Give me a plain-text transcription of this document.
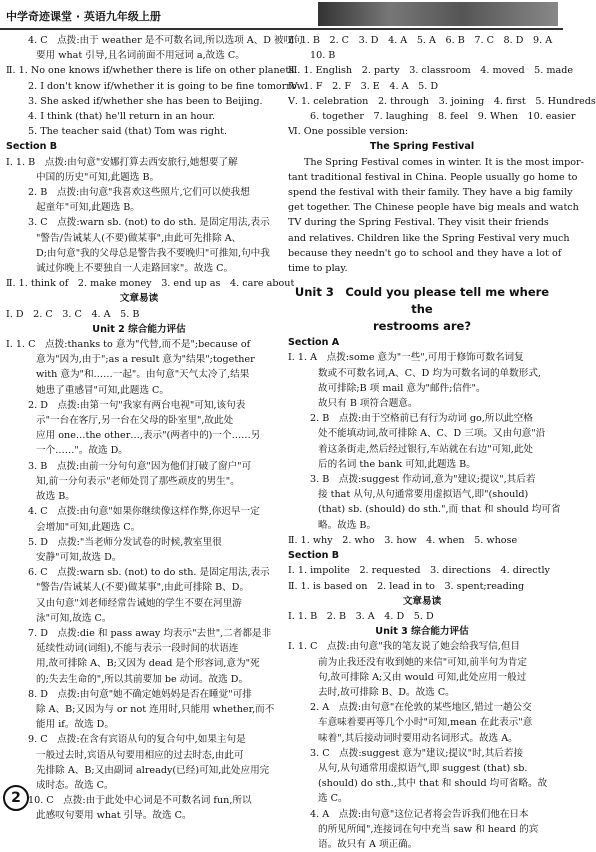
中学奇迹课堂 · 英语九年级上册
4. C　点拨:由于 weather 是不可数名词,所以选项 A、D 被叹句
要用 what 引导,且名词前面不用冠词 a,故选 C。
Ⅱ. 1. No one knows if/whether there is life on other planets.
2. I don't know if/whether it is going to be fine tomorrow.
3. She asked if/whether she has been to Beijing.
4. I think (that) he'll return in an hour.
5. The teacher said (that) Tom was right.
Section B
Ⅰ. 1. B　点拨:由句意"安娜打算去西安旅行,她想要了解
中国的历史"可知,此题选 B。
2. B　点拨:由句意"我喜欢这些照片,它们可以使我想
起童年"可知,此题选 B。
3. C　点拨:warn sb. (not) to do sth. 是固定用法,表示
"警告/告诫某人(不要)做某事",由此可先排除 A、
D;由句意"我的父母总是警告我不要晚归"可推知,句中我
诚过你晚上不要独自一人走路回家"。故选 C。
Ⅱ. 1. think of　2. make money　3. end up as　4. care about
文章易读
Ⅰ. D　2. C　3. C　4. A　5. B
Unit 2 综合能力评估
Ⅰ. 1. C　点拨:thanks to 意为"代替,而不是";because of
意为"因为,由于";as a result 意为"结果";together
with 意为"和……一起"。由句意"天气太冷了,结果
她患了重感冒"可知,此题选 C。
2. D　点拨:由第一句"我家有两台电视"可知,该句表
示"一台在客厅,另一台在父母的卧室里",故此处
应用 one…the other…,表示"(两者中的)一个……另
一个……"。故选 D。
3. B　点拨:由前一分句句意"因为他们打破了窗户"可
知,前一分句表示"老师处罚了那些顽皮的男生"。
故选 B。
4. C　点拨:由句意"如果你继续像这样作弊,你迟早一定
会增加"可知,此题选 C。
5. D　点拨:"当老师分发试卷的时候,教室里很
安静"可知,故选 D。
6. C　点拨:warn sb. (not) to do sth. 是固定用法,表示
"警告/告诫某人(不要)做某事",由此可排除 B、D。
又由句意"刘老师经常告诫她的学生不要在河里游
泳"可知,故选 C。
7. D　点拨:die 和 pass away 均表示"去世",二者都是非
延续性动词(词组),不能与表示一段时间的状语连
用,故可排除 A、B;又因为 dead 是个形容词,意为"死
的;失去生命的",所以其前要加 be 动词。故选 D。
8. D　点拨:由句意"她不确定她妈妈是否在睡觉"可排
除 A、B;又因为与 or not 连用时,只能用 whether,而不
能用 if。故选 D。
9. C　点拨:在含有宾语从句的复合句中,如果主句是
一般过去时,宾语从句要用相应的过去时态,由此可
先排除 A、B;又由副词 already(已经)可知,此处应用完
成时态。故选 C。
10. C　点拨:由于此处中心词是不可数名词 fun,所以
此感叹句要用 what 引导。故选 C。
Ⅱ. 1. B　2. C　3. D　4. A　5. A　6. B　7. C　8. D　9. A
10. B
Ⅲ. 1. English　2. party　3. classroom　4. moved　5. made
Ⅳ. 1. F　2. F　3. E　4. A　5. D
Ⅴ. 1. celebration　2. through　3. joining　4. first　5. Hundreds
6. together　7. laughing　8. feel　9. When　10. easier
Ⅵ. One possible version:
The Spring Festival
The Spring Festival comes in winter. It is the most impor-
tant traditional festival in China. People usually go home to
spend the festival with their family. They have a big family
get together. The Chinese people have big meals and watch
TV during the Spring Festival. They visit their friends
and relatives. Children like the Spring Festival very much
because they needn't go to school and they have a lot of
time to play.
Unit 3　Could you please tell me where the
restrooms are?
Section A
Ⅰ. 1. A　点拨:some 意为"一些",可用于修饰可数名词复
数或不可数名词,A、C、D 均为可数名词的单数形式,
故可排除;B 项 mail 意为"邮件;信件"。
故只有 B 项符合题意。
2. B　点拨:由于空格前已有行为动词 go,所以此空格
处不能填动词,故可排除 A、C、D 三项。又由句意"沿
着这条街走,然后经过银行,车站就在右边"可知,此处
后的名词 the bank 可知,此题选 B。
3. B　点拨:suggest 作动词,意为"建议;提议",其后若
接 that 从句,从句通常要用虚拟语气,即"(should)
(that) sb. (should) do sth.",而 that 和 should 均可省
略。故选 B。
Ⅱ. 1. why　2. who　3. how　4. when　5. whose
Section B
Ⅰ. 1. impolite　2. requested　3. directions　4. directly
Ⅱ. 1. is based on　2. lead in to　3. spent;reading
文章易读
Ⅰ. 1. B　2. B　3. A　4. D　5. D
Unit 3 综合能力评估
Ⅰ. 1. C　点拨:由句意"我的笔友说了她会给我写信,但目
前为止我还没有收到她的来信"可知,前半句为肯定
句,故可排除 A;又由 would 可知,此处应用一般过
去时,故可排除 B、D。故选 C。
2. A　点拨:由句意"在伦敦的某些地区,错过一趟公交
车意味着要再等几个小时"可知,mean 在此表示"意
味着",其后接动词时要用动名词形式。故选 A。
3. C　点拨:suggest 意为"建议;提议"时,其后若接
从句,从句通常用虚拟语气,即 suggest (that) sb.
(should) do sth.,其中 that 和 should 均可省略。故
选 C。
4. A　点拨:由句意"这位记者将会告诉我们他在日本
的所见所闻",连接词在句中充当 saw 和 heard 的宾
语。故只有 A 项正确。
2
